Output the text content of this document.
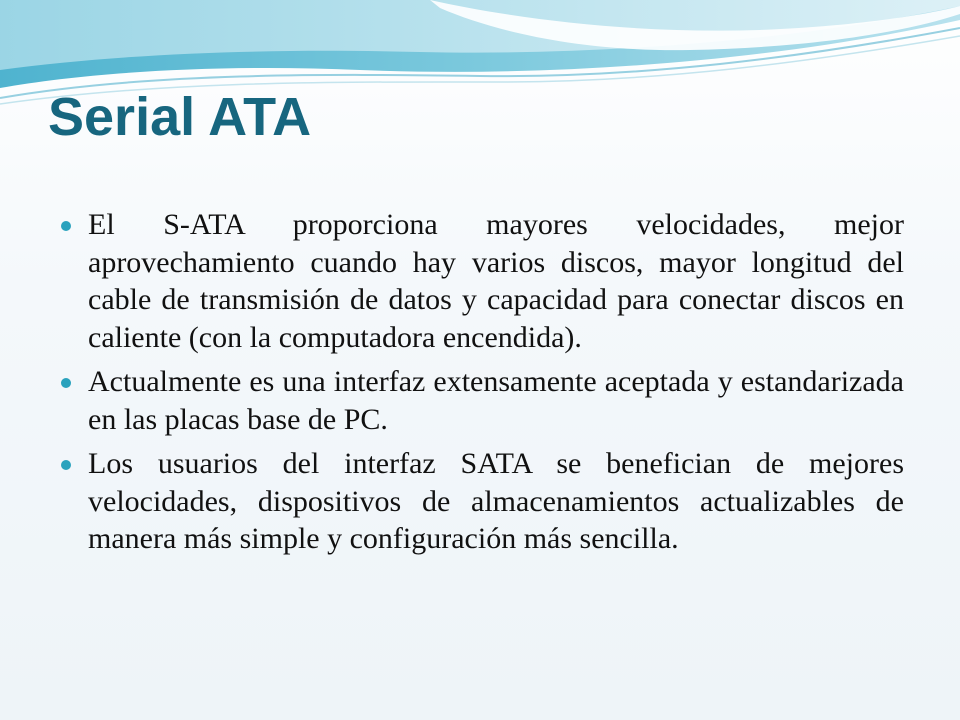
Serial ATA
El S-ATA proporciona mayores velocidades, mejor aprovechamiento cuando hay varios discos, mayor longitud del cable de transmisión de datos y capacidad para conectar discos en caliente (con la computadora encendida).
Actualmente es una interfaz extensamente aceptada y estandarizada en las placas base de PC.
Los usuarios del interfaz SATA se benefician de mejores velocidades, dispositivos de almacenamientos actualizables de manera más simple y configuración más sencilla.
